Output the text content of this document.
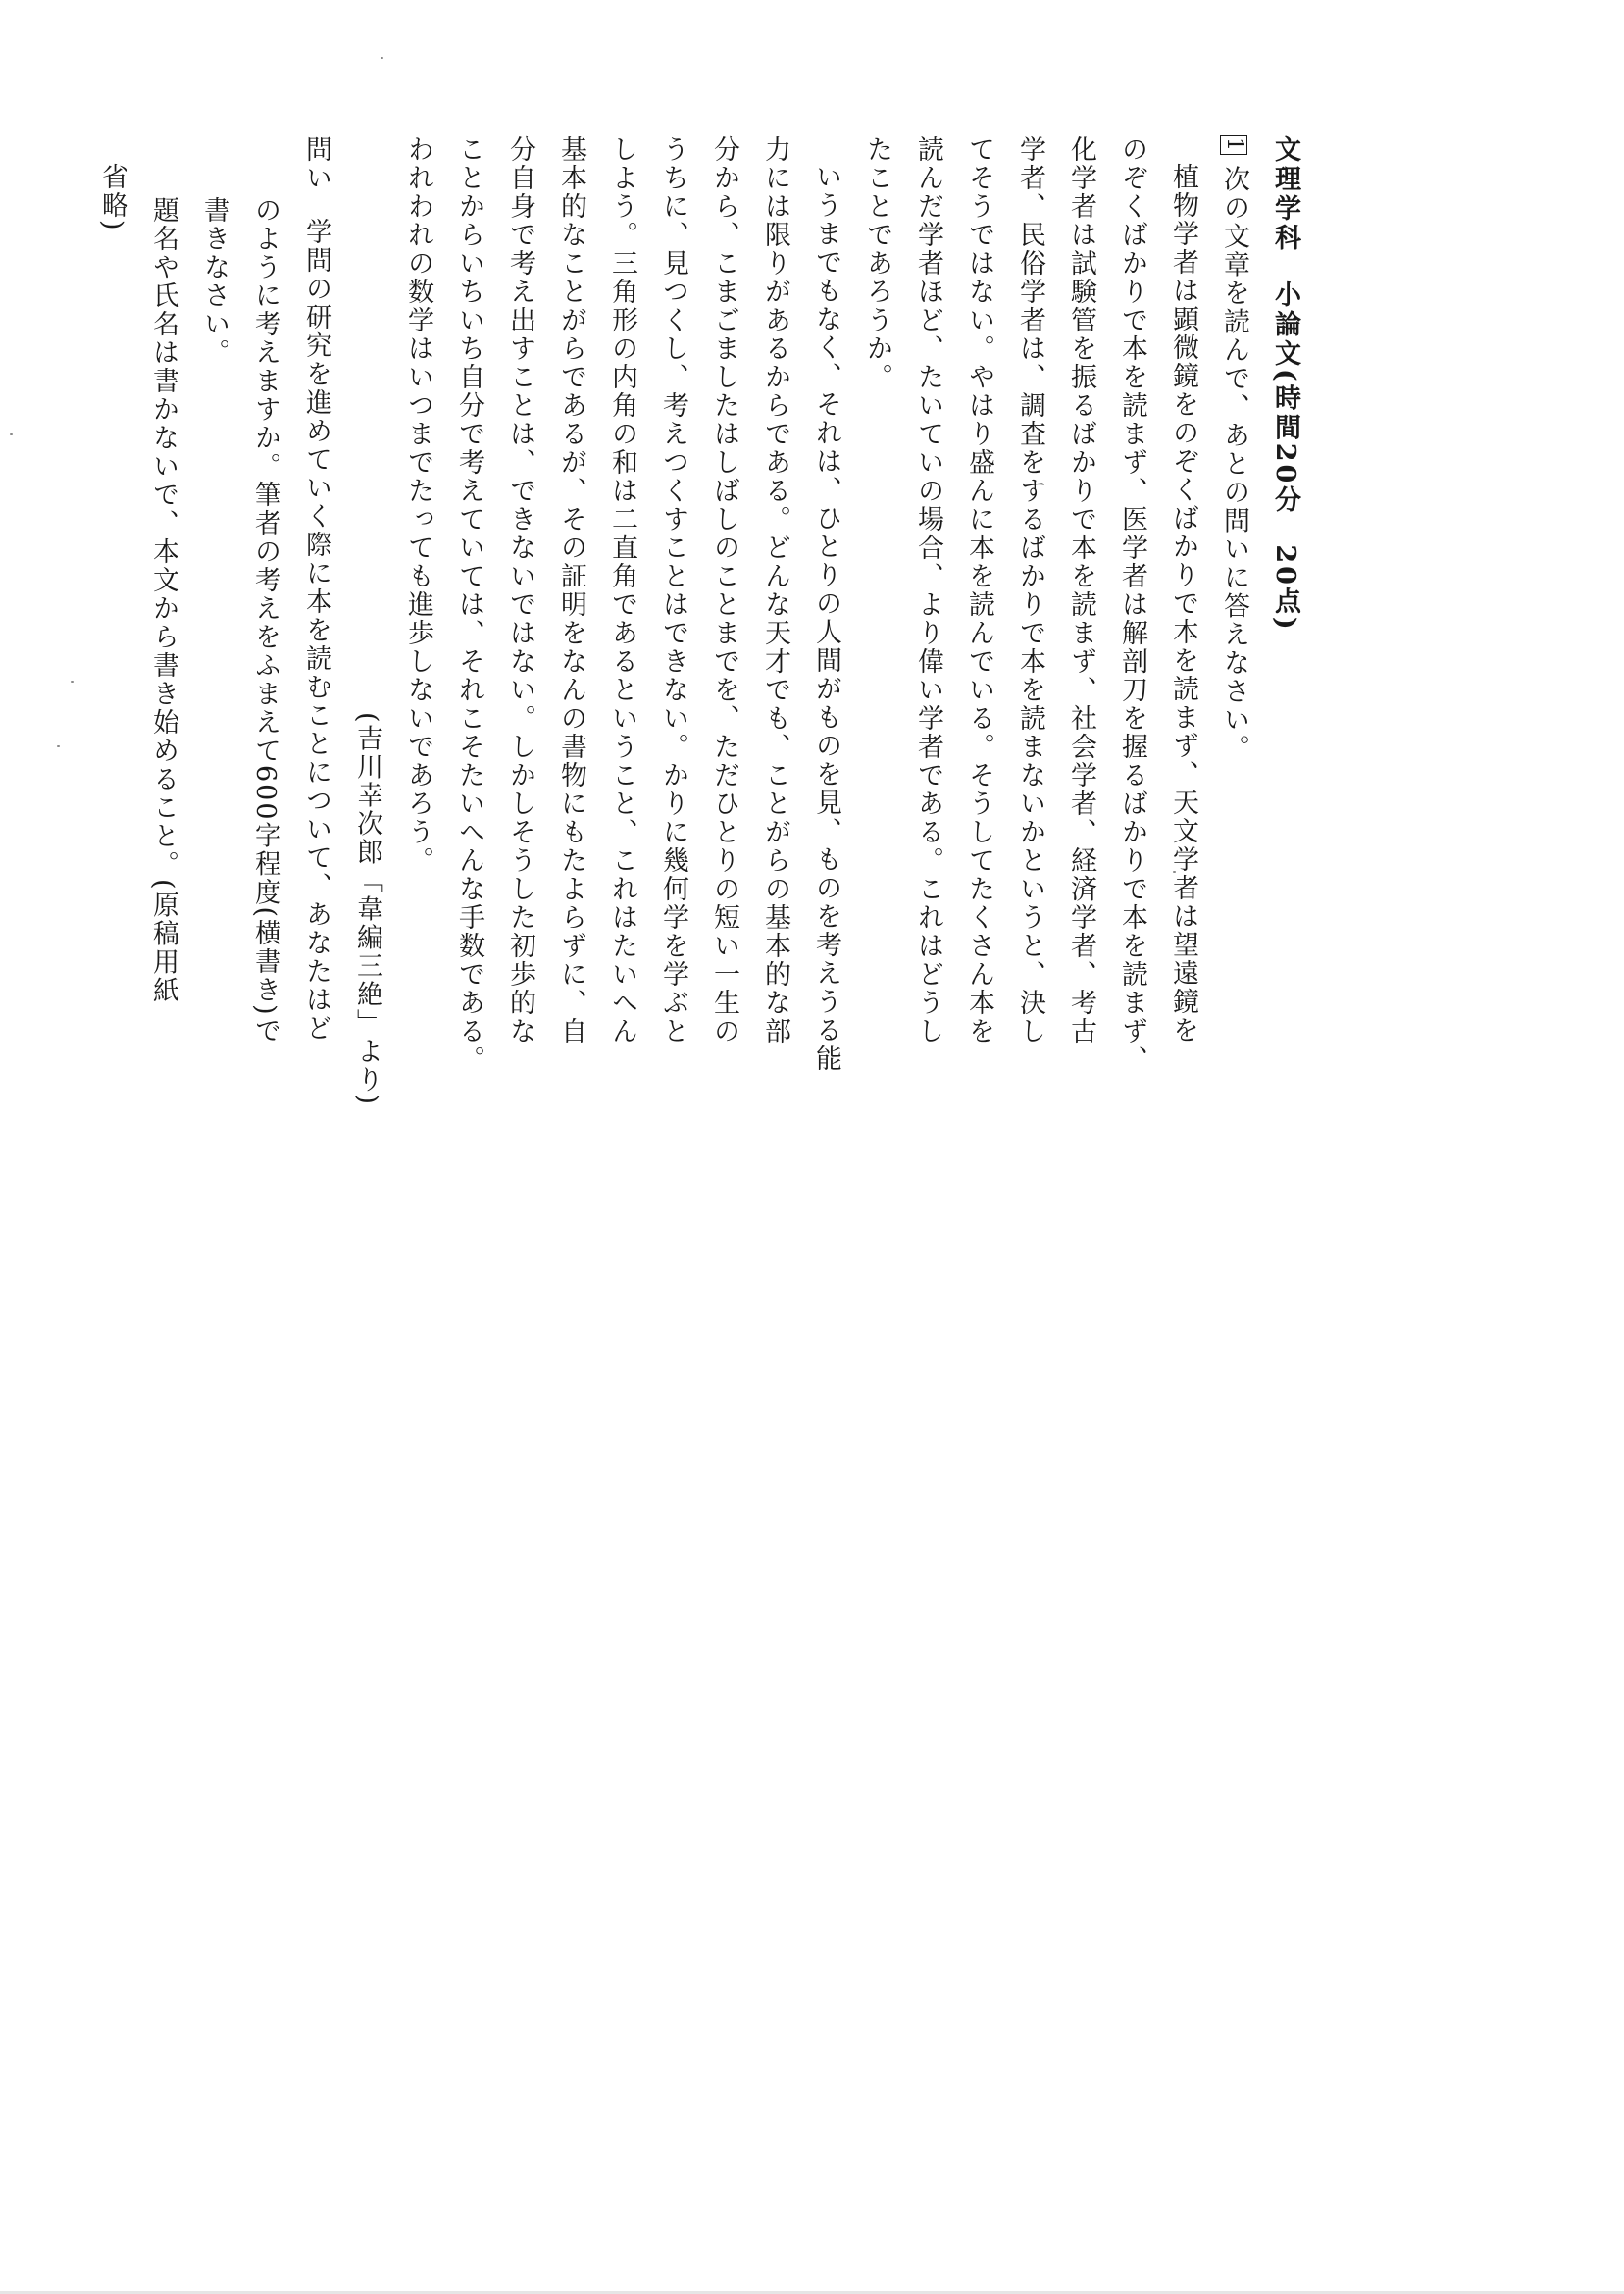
文理学科小論文(時間20分　20点)
1 次の文章を読んで、あとの問いに答えなさい。
植物学者は顕微鏡をのぞくばかりで本を読まず、天文学者は望遠鏡を
のぞくばかりで本を読まず、医学者は解剖刀を握るばかりで本を読まず、
化学者は試験管を振るばかりで本を読まず、社会学者、経済学者、考古
学者、民俗学者は、調査をするばかりで本を読まないかというと、決し
てそうではない。やはり盛んに本を読んでいる。そうしてたくさん本を
読んだ学者ほど、たいていの場合、より偉い学者である。これはどうし
たことであろうか。
いうまでもなく、それは、ひとりの人間がものを見、ものを考えうる能
力には限りがあるからである。どんな天才でも、ことがらの基本的な部
分から、こまごましたはしばしのことまでを、ただひとりの短い一生の
うちに、見つくし、考えつくすことはできない。かりに幾何学を学ぶと
しよう。三角形の内角の和は二直角であるということ、これはたいへん
基本的なことがらであるが、その証明をなんの書物にもたよらずに、自
分自身で考え出すことは、できないではない。しかしそうした初歩的な
ことからいちいち自分で考えていては、それこそたいへんな手数である。
われわれの数学はいつまでたっても進歩しないであろう。
(吉川幸次郎「韋編三絶」より)
問い学問の研究を進めていく際に本を読むことについて、あなたはど
のように考えますか。筆者の考えをふまえて600字程度(横書き)で
書きなさい。
題名や氏名は書かないで、本文から書き始めること。(原稿用紙
省略)
